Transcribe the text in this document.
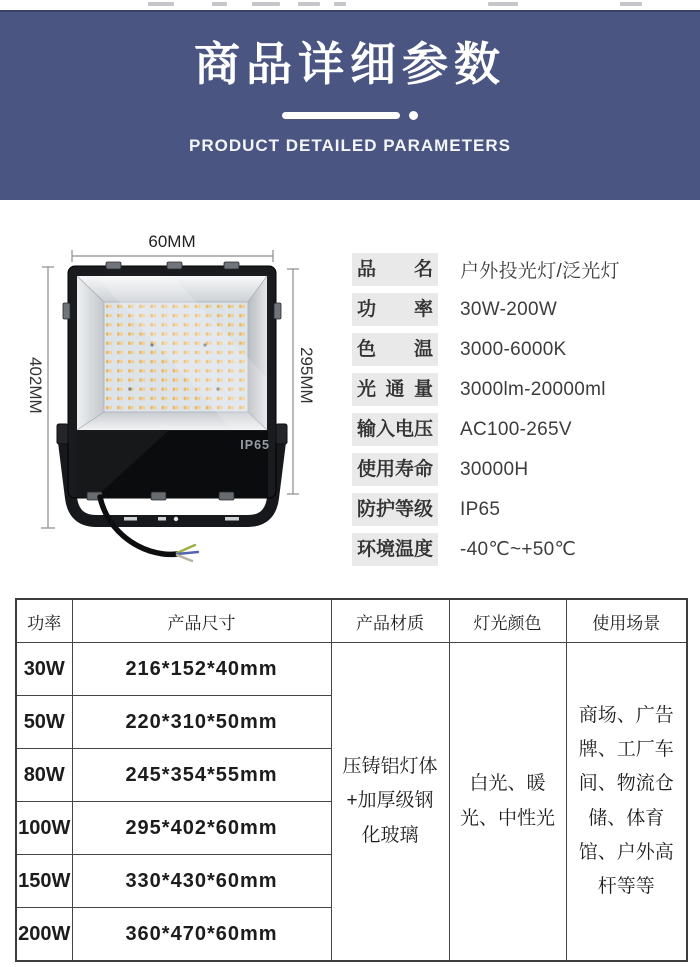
商品详细参数
PRODUCT DETAILED PARAMETERS
60MM
402MM	295MM
IP65
品名 户外投光灯/泛光灯
功率 30W-200W
色温 3000-6000K
光通量 3000lm-20000ml
输入电压 AC100-265V
使用寿命 30000H
防护等级 IP65
环境温度 -40℃~+50℃
功率	产品尺寸	产品材质	灯光颜色	使用场景
30W	216*152*40mm	压铸铝灯体+加厚级钢化玻璃	白光、暖光、中性光	商场、广告牌、工厂车间、物流仓储、体育馆、户外高杆等等
50W	220*310*50mm			
80W	245*354*55mm			
100W	295*402*60mm			
150W	330*430*60mm			
200W	360*470*60mm			
